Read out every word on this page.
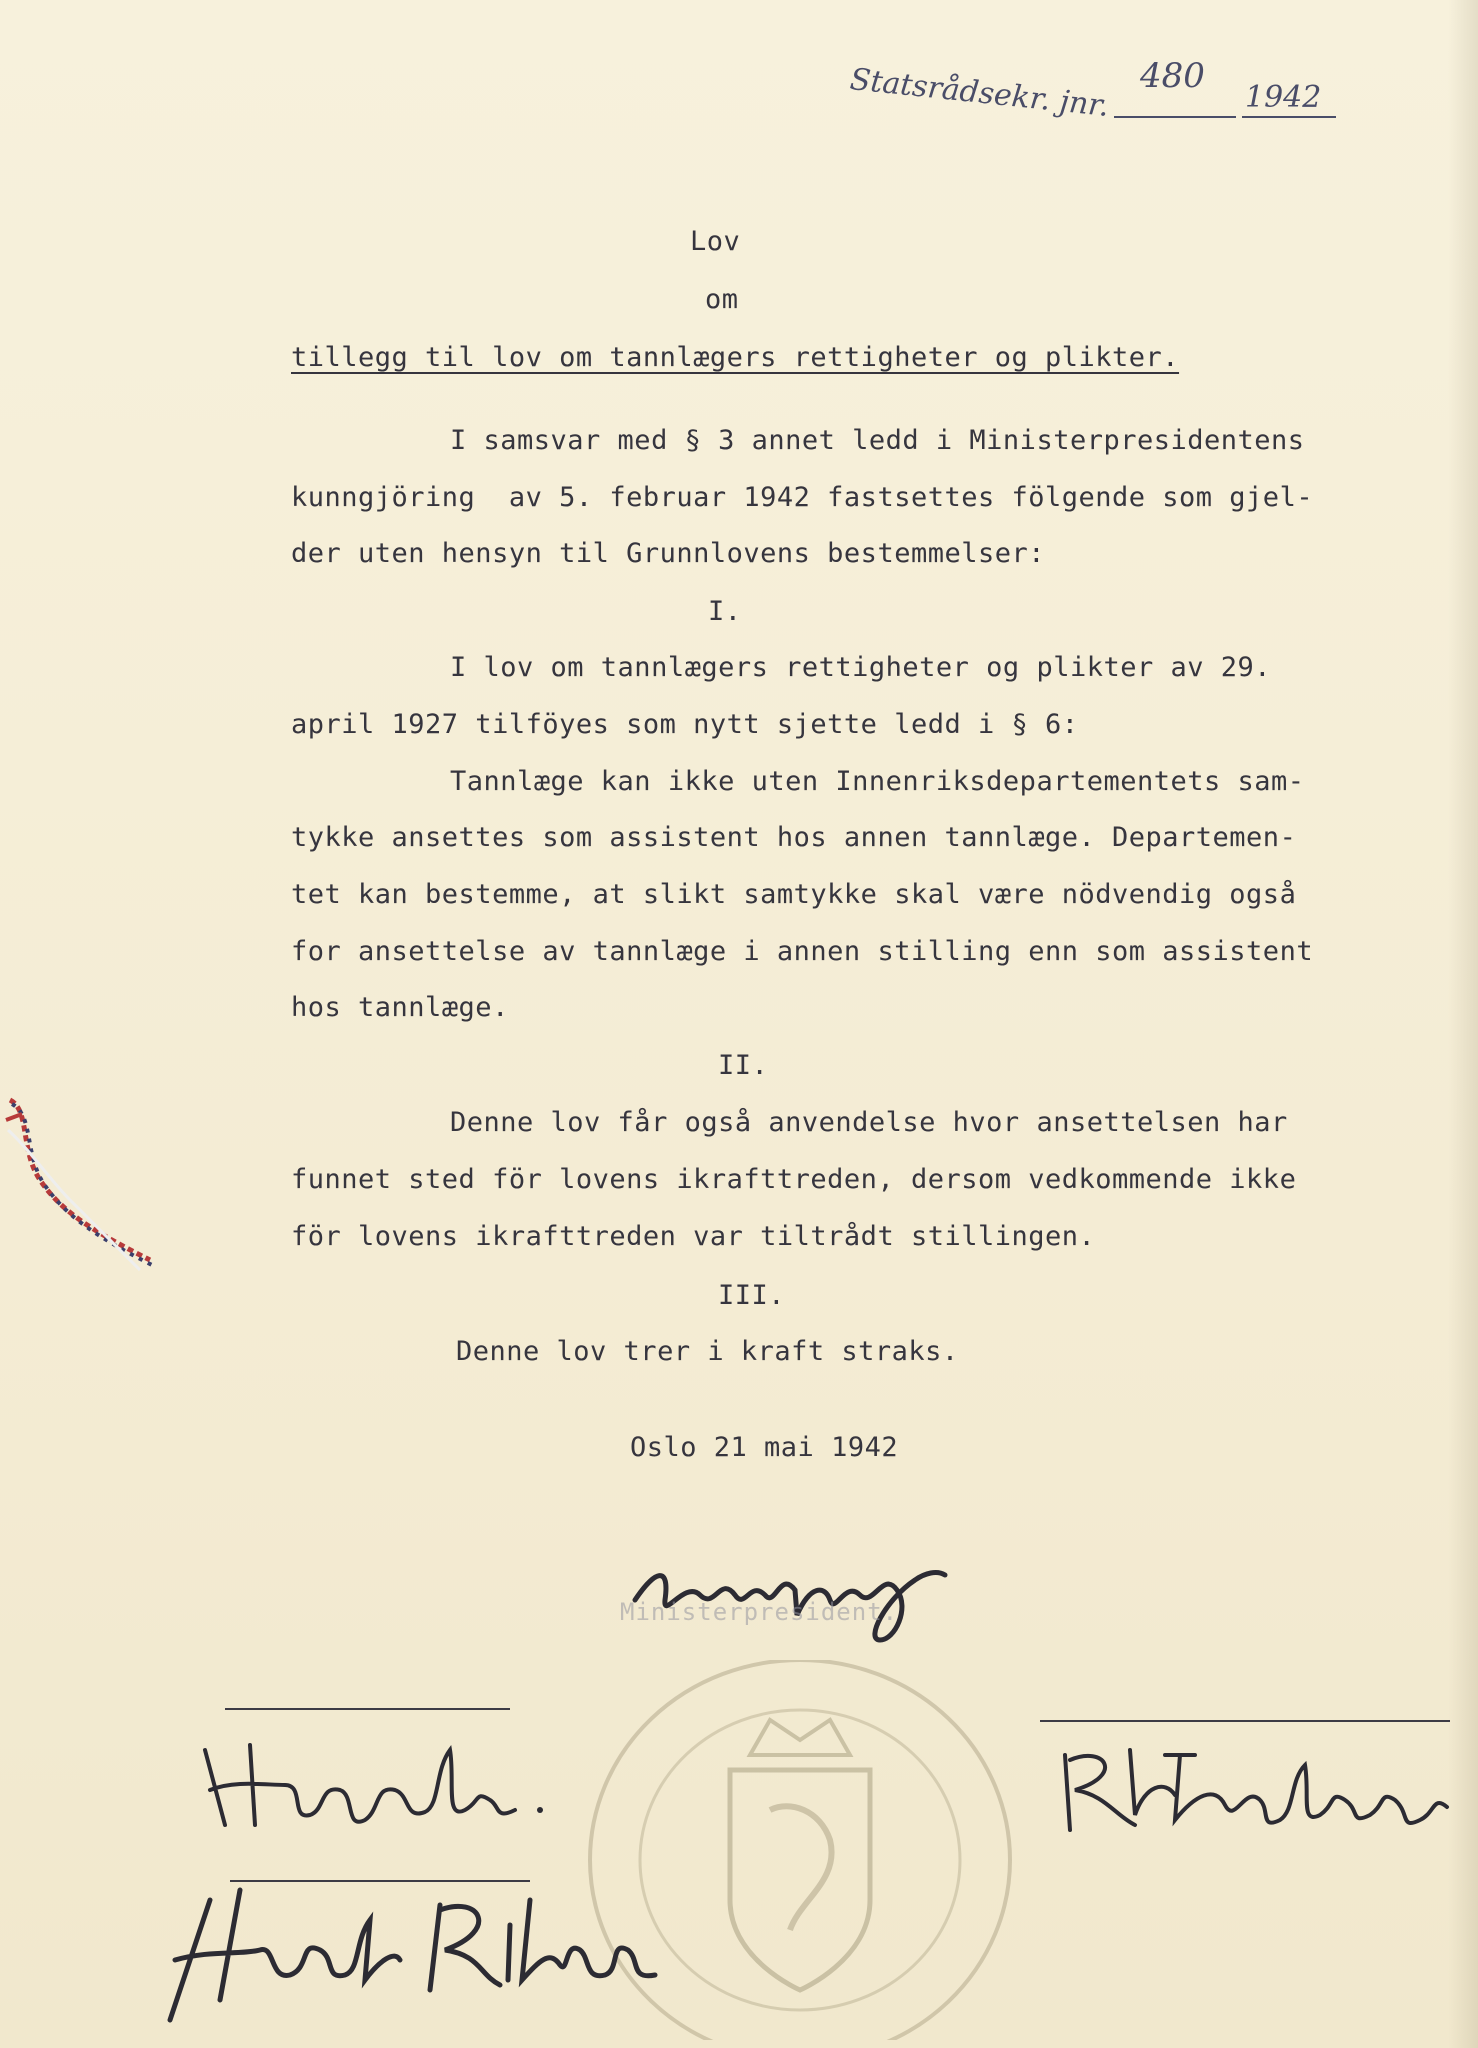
Statsrådsekr. jnr. 480
1942
Lov
om
tillegg til lov om tannlægers rettigheter og plikter.
I samsvar med § 3 annet ledd i Ministerpresidentens
kunngjöring  av 5. februar 1942 fastsettes fölgende som gjel-
der uten hensyn til Grunnlovens bestemmelser:
I.
I lov om tannlægers rettigheter og plikter av 29.
april 1927 tilföyes som nytt sjette ledd i § 6:
Tannlæge kan ikke uten Innenriksdepartementets sam-
tykke ansettes som assistent hos annen tannlæge. Departemen-
tet kan bestemme, at slikt samtykke skal være nödvendig også
for ansettelse av tannlæge i annen stilling enn som assistent
hos tannlæge.
II.
Denne lov får også anvendelse hvor ansettelsen har
funnet sted för lovens ikrafttreden, dersom vedkommende ikke
för lovens ikrafttreden var tiltrådt stillingen.
III.
Denne lov trer i kraft straks.
Oslo 21 mai 1942
Ministerpresident.
